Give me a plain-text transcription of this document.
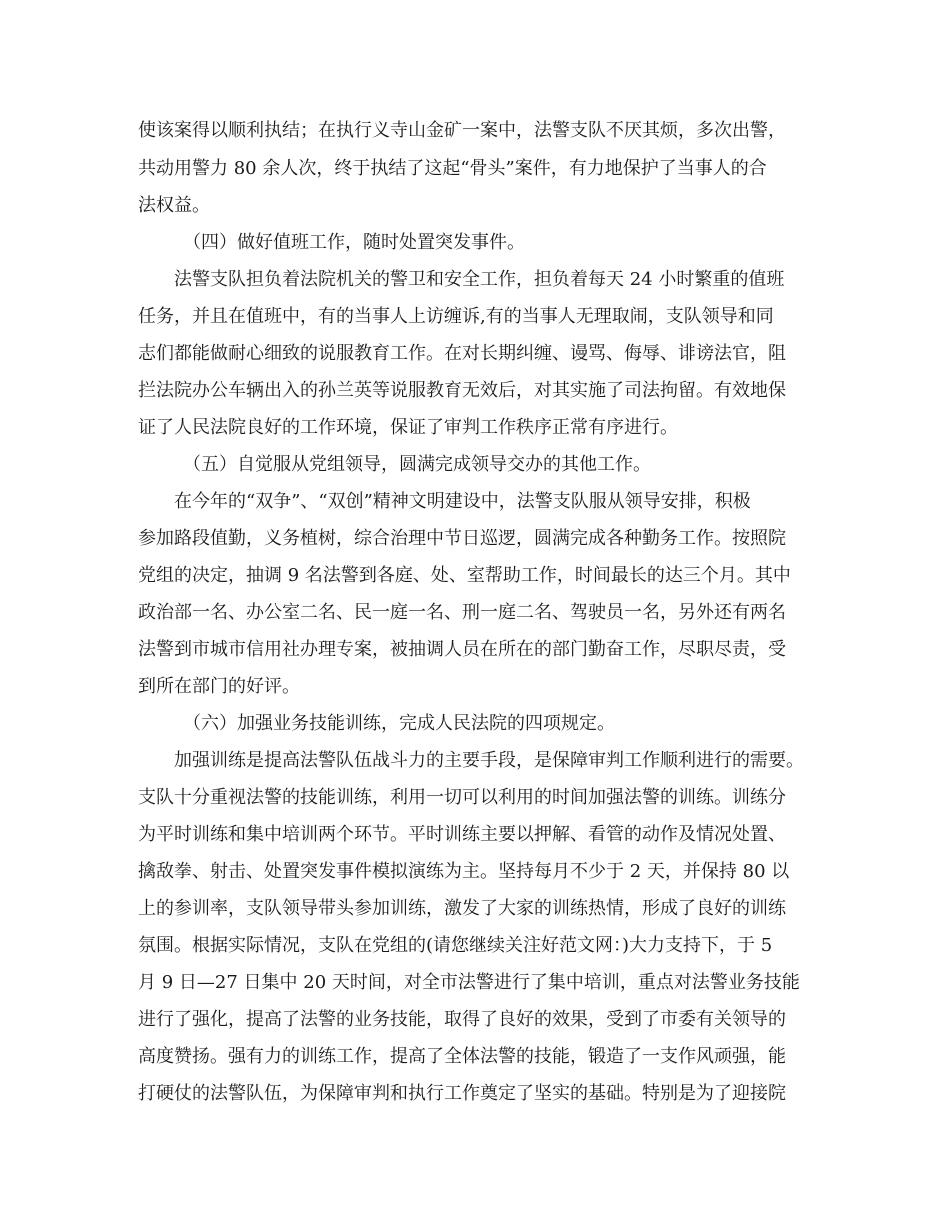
使该案得以顺利执结；在执行义寺山金矿一案中，法警支队不厌其烦，多次出警，
共动用警力 80 余人次，终于执结了这起“骨头”案件，有力地保护了当事人的合
法权益。
（四）做好值班工作，随时处置突发事件。
法警支队担负着法院机关的警卫和安全工作，担负着每天 24 小时繁重的值班
任务，并且在值班中，有的当事人上访缠诉,有的当事人无理取闹，支队领导和同
志们都能做耐心细致的说服教育工作。在对长期纠缠、谩骂、侮辱、诽谤法官，阻
拦法院办公车辆出入的孙兰英等说服教育无效后，对其实施了司法拘留。有效地保
证了人民法院良好的工作环境，保证了审判工作秩序正常有序进行。
（五）自觉服从党组领导，圆满完成领导交办的其他工作。
在今年的“双争”、“双创”精神文明建设中，法警支队服从领导安排，积极
参加路段值勤，义务植树，综合治理中节日巡逻，圆满完成各种勤务工作。按照院
党组的决定，抽调 9 名法警到各庭、处、室帮助工作，时间最长的达三个月。其中
政治部一名、办公室二名、民一庭一名、刑一庭二名、驾驶员一名，另外还有两名
法警到市城市信用社办理专案，被抽调人员在所在的部门勤奋工作，尽职尽责，受
到所在部门的好评。
（六）加强业务技能训练，完成人民法院的四项规定。
加强训练是提高法警队伍战斗力的主要手段，是保障审判工作顺利进行的需要。
支队十分重视法警的技能训练，利用一切可以利用的时间加强法警的训练。训练分
为平时训练和集中培训两个环节。平时训练主要以押解、看管的动作及情况处置、
擒敌拳、射击、处置突发事件模拟演练为主。坚持每月不少于 2 天，并保持 80 以
上的参训率，支队领导带头参加训练，激发了大家的训练热情，形成了良好的训练
氛围。根据实际情况，支队在党组的(请您继续关注好范文网：)大力支持下，于 5
月 9 日—27 日集中 20 天时间，对全市法警进行了集中培训，重点对法警业务技能
进行了强化，提高了法警的业务技能，取得了良好的效果，受到了市委有关领导的
高度赞扬。强有力的训练工作，提高了全体法警的技能，锻造了一支作风顽强，能
打硬仗的法警队伍，为保障审判和执行工作奠定了坚实的基础。特别是为了迎接院
